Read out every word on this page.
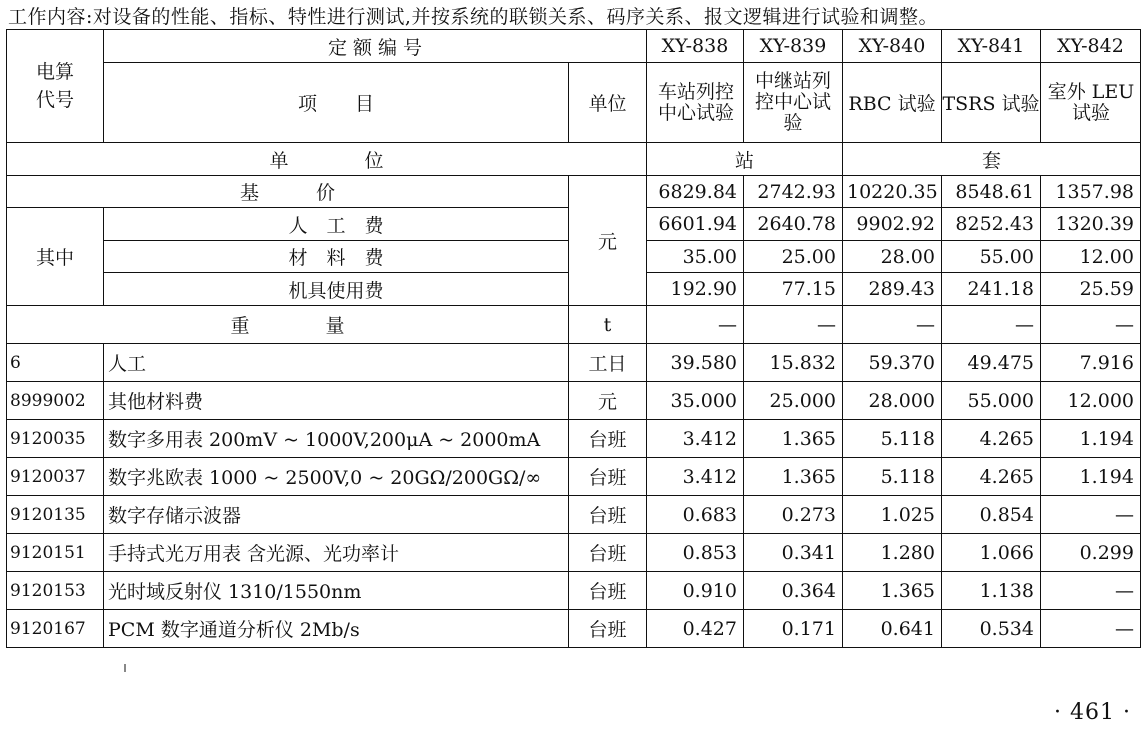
工作内容:对设备的性能、指标、特性进行测试,并按系统的联锁关系、码序关系、报文逻辑进行试验和调整。
电算代号	定 额 编 号		XY-838	XY-839	XY-840	XY-841	XY-842
	项　　目	单位	车站列控中心试验	中继站列控中心试验	RBC 试验	TSRS 试验	室外 LEU 试验

单　　　　位			站		套		
基　　　价		元	6829.84	2742.93	10220.35	8548.61	1357.98
其中	人　工　费		6601.94	2640.78	9902.92	8252.43	1320.39
	材　料　费		35.00	25.00	28.00	55.00	12.00
	机具使用费		192.90	77.15	289.43	241.18	25.59
重　　　　量		t	—	—	—	—	—
6	人工	工日	39.580	15.832	59.370	49.475	7.916
8999002	其他材料费	元	35.000	25.000	28.000	55.000	12.000
9120035	数字多用表 200mV ~ 1000V,200μA ~ 2000mA	台班	3.412	1.365	5.118	4.265	1.194
9120037	数字兆欧表 1000 ~ 2500V,0 ~ 20GΩ/200GΩ/∞	台班	3.412	1.365	5.118	4.265	1.194
9120135	数字存储示波器	台班	0.683	0.273	1.025	0.854	—
9120151	手持式光万用表 含光源、光功率计	台班	0.853	0.341	1.280	1.066	0.299
9120153	光时域反射仪 1310/1550nm	台班	0.910	0.364	1.365	1.138	—
9120167	PCM 数字通道分析仪 2Mb/s	台班	0.427	0.171	0.641	0.534	—
· 461 ·
